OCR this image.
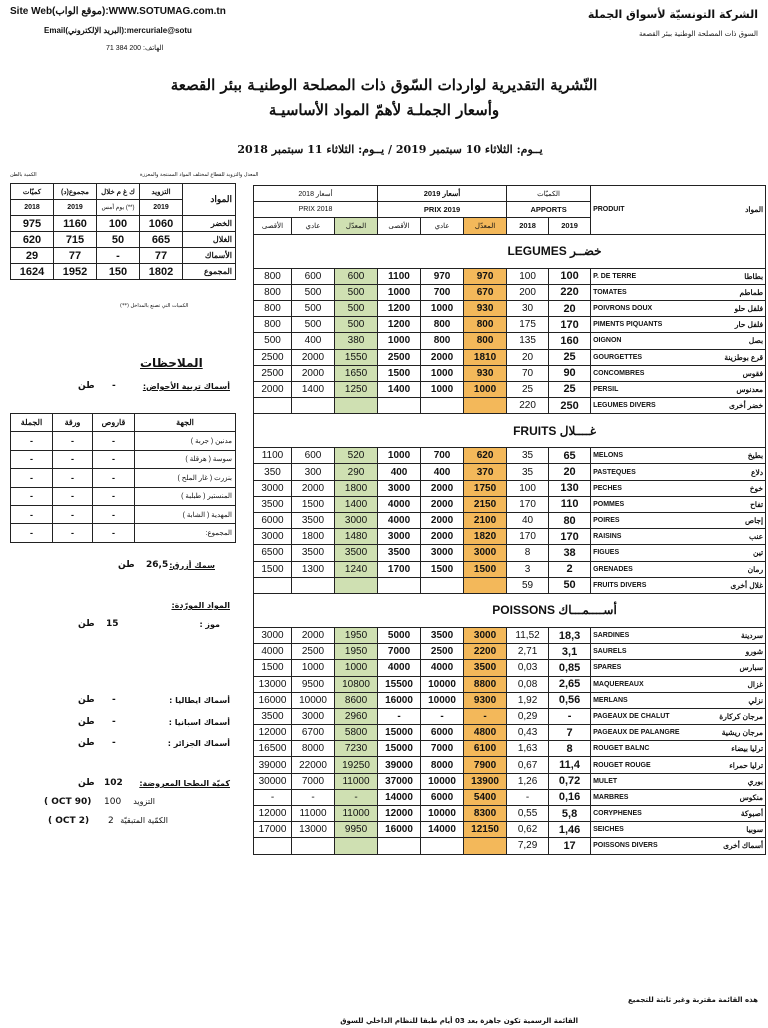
Site Web(موقع الواب):WWW.SOTUMAG.com.tn
Email(البريد الإلكتروني):mercuriale@sotu
الهاتف: 200 384 71
الشركة التونسيّة لأسواق الجملة
السوق ذات المصلحة الوطنية ببئر القصعة
النّشرية التقديرية لواردات السّوق ذات المصلحة الوطنيـة ببئر القصعة
وأسعار الجملـة لأهمّ المواد الأساسيـة
يــوم: الثلاثاء 10 سبتمبر 2019 / يــوم: الثلاثاء 11 سبتمبر 2018
أسعار 2018			أسعار 2019			الكميّات		PRODUIT	المواد
PRIX 2018			PRIX 2019			APPORTS			
الأقصى	عادي	المعدّل	الأقصى	عادي	المعدّل	2018	2019		
LEGUMES خضــر									
800	600	600	1100	970	970	100	100	P. DE TERRE	بطاطا
800	500	500	1000	700	670	200	220	TOMATES	طماطم
800	500	500	1200	1000	930	30	20	POIVRONS DOUX	فلفل حلو
800	500	500	1200	800	800	175	170	PIMENTS PIQUANTS	فلفل حار
500	400	380	1000	800	800	135	160	OIGNON	بصل
2500	2000	1550	2500	2000	1810	20	25	GOURGETTES	قرع بوطزينة
2500	2000	1650	1500	1000	930	70	90	CONCOMBRES	فقوس
2000	1400	1250	1400	1000	1000	25	25	PERSIL	معدنوس
						220	250	LEGUMES DIVERS	خضر أخرى
FRUITS غــــلال									
1100	600	520	1000	700	620	35	65	MELONS	بطيخ
350	300	290	400	400	370	35	20	PASTEQUES	دلاع
3000	2000	1800	3000	2000	1750	100	130	PECHES	خوخ
3500	1500	1400	4000	2000	2150	170	110	POMMES	تفاح
6000	3500	3000	4000	2000	2100	40	80	POIRES	إجاص
3000	1800	1480	3000	2000	1820	170	170	RAISINS	عنب
6500	3500	3500	3500	3000	3000	8	38	FIGUES	تين
1500	1300	1240	1700	1500	1500	3	2	GRENADES	رمان
						59	50	FRUITS DIVERS	غلال أخرى
POISSONS أســــمـــاك									
3000	2000	1950	5000	3500	3000	11,52	18,3	SARDINES	سردينة
4000	2500	1950	7000	2500	2200	2,71	3,1	SAURELS	شورو
1500	1000	1000	4000	4000	3500	0,03	0,85	SPARES	سبارس
13000	9500	10800	15500	10000	8800	0,08	2,65	MAQUEREAUX	غزال
16000	10000	8600	16000	10000	9300	1,92	0,56	MERLANS	نزلي
3500	3000	2960	-	-	-	0,29	-	PAGEAUX DE CHALUT	مرجان كركارة
12000	6700	5800	15000	6000	4800	0,43	7	PAGEAUX DE PALANGRE	مرجان ريشية
16500	8000	7230	15000	7000	6100	1,63	8	ROUGET BALNC	ترليا بيضاء
39000	22000	19250	39000	8000	7900	0,67	11,4	ROUGET ROUGE	ترليا حمراء
30000	7000	11000	37000	10000	13900	1,26	0,72	MULET	بوري
-	-	-	14000	6000	5400	-	0,16	MARBRES	منكوس
12000	11000	11000	12000	10000	8300	0,55	5,8	CORYPHENES	أصبوكة
17000	13000	9950	16000	14000	12150	0,62	1,46	SEICHES	سوبيا
						7,29	17	POISSONS DIVERS	أسماك أخرى
الكمية بالطن	المعدل والتزويد للقطاع لمختلف المواد الممنتجة والمعززة
كميّات	مجموع(د)	ك غ م خلال	التزويد	المواد
2018	2019	يوم أمس (**)	2019	
975	1160	100	1060	الخضر
620	715	50	665	الغلال
29	77	-	77	الأسماك
1624	1952	150	1802	المجموع
الكميات التي تصنع بالمداخل (**)
الملاحظات
أسماك تربية الأحواض:
-
طن
الجملة	ورقة	قاروص	الجهة
-	-	-	مدنين ( جربة )
-	-	-	سوسة ( هرقلة )
-	-	-	بنزرت ( غار الملح )
-	-	-	المنستير ( طبلبة )
-	-	-	المهدية ( الشابة )
-	-	-	المجموع:
سمك أزرق:
26,5
طن
المواد المورّدة:
موز :
15
طن
أسماك ايطاليا :
-
طن
أسماك اسبانيا :
-
طن
أسماك الجزائر :
-
طن
كميّة البطحا المعروضة:
102
طن
التزويد
100
( OCT 90)
الكمّية المتبقيّة
2
( OCT 2)
هذه القائمة مقتربة وغير ثابتة للتجميع
القائمة الرسمية تكون جاهزة بعد 03 أيام طبقا للنظام الداخلي للسوق
